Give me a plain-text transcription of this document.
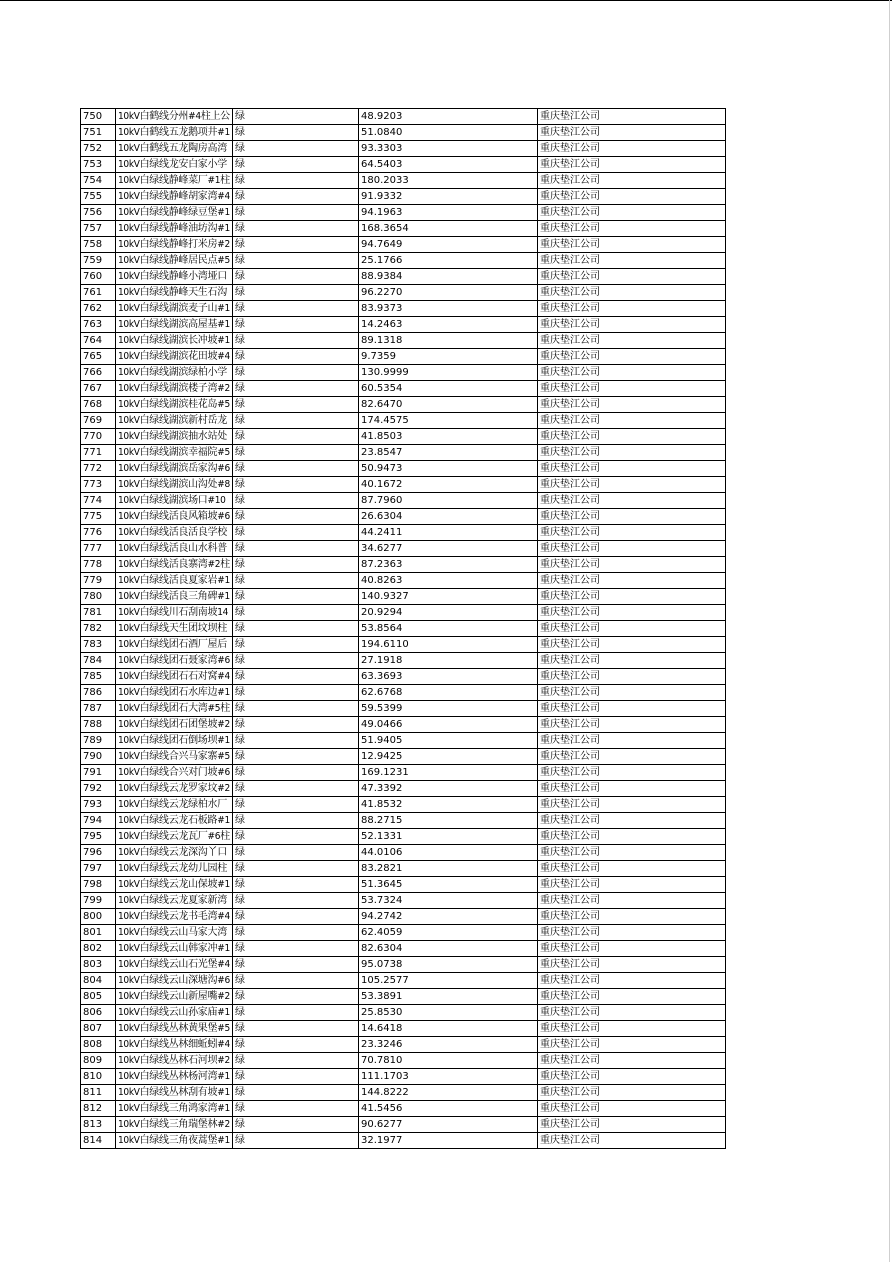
750	10kV白鹤线分州#4柱上公	绿	48.9203	重庆垫江公司
751	10kV白鹤线五龙鹅项井#1	绿	51.0840	重庆垫江公司
752	10kV白鹤线五龙陶房高湾	绿	93.3303	重庆垫江公司
753	10kV白绿线龙安白家小学	绿	64.5403	重庆垫江公司
754	10kV白绿线静峰菜厂#1柱	绿	180.2033	重庆垫江公司
755	10kV白绿线静峰胡家湾#4	绿	91.9332	重庆垫江公司
756	10kV白绿线静峰绿豆堡#1	绿	94.1963	重庆垫江公司
757	10kV白绿线静峰油坊沟#1	绿	168.3654	重庆垫江公司
758	10kV白绿线静峰打米房#2	绿	94.7649	重庆垫江公司
759	10kV白绿线静峰居民点#5	绿	25.1766	重庆垫江公司
760	10kV白绿线静峰小湾垭口	绿	88.9384	重庆垫江公司
761	10kV白绿线静峰天生石沟	绿	96.2270	重庆垫江公司
762	10kV白绿线湖滨麦子山#1	绿	83.9373	重庆垫江公司
763	10kV白绿线湖滨高屋基#1	绿	14.2463	重庆垫江公司
764	10kV白绿线湖滨长冲坡#1	绿	89.1318	重庆垫江公司
765	10kV白绿线湖滨花田坡#4	绿	9.7359	重庆垫江公司
766	10kV白绿线湖滨绿柏小学	绿	130.9999	重庆垫江公司
767	10kV白绿线湖滨楼子湾#2	绿	60.5354	重庆垫江公司
768	10kV白绿线湖滨桂花岛#5	绿	82.6470	重庆垫江公司
769	10kV白绿线湖滨新村岳龙	绿	174.4575	重庆垫江公司
770	10kV白绿线湖滨抽水站处	绿	41.8503	重庆垫江公司
771	10kV白绿线湖滨幸福院#5	绿	23.8547	重庆垫江公司
772	10kV白绿线湖滨岳家沟#6	绿	50.9473	重庆垫江公司
773	10kV白绿线湖滨山沟处#8	绿	40.1672	重庆垫江公司
774	10kV白绿线湖滨场口#10	绿	87.7960	重庆垫江公司
775	10kV白绿线活良风箱坡#6	绿	26.6304	重庆垫江公司
776	10kV白绿线活良活良学校	绿	44.2411	重庆垫江公司
777	10kV白绿线活良山水科普	绿	34.6277	重庆垫江公司
778	10kV白绿线活良寨湾#2柱	绿	87.2363	重庆垫江公司
779	10kV白绿线活良夏家岩#1	绿	40.8263	重庆垫江公司
780	10kV白绿线活良三角碑#1	绿	140.9327	重庆垫江公司
781	10kV白绿线川石刮南坡14	绿	20.9294	重庆垫江公司
782	10kV白绿线天生团坟坝柱	绿	53.8564	重庆垫江公司
783	10kV白绿线团石酒厂屋后	绿	194.6110	重庆垫江公司
784	10kV白绿线团石聂家湾#6	绿	27.1918	重庆垫江公司
785	10kV白绿线团石石对窝#4	绿	63.3693	重庆垫江公司
786	10kV白绿线团石水库边#1	绿	62.6768	重庆垫江公司
787	10kV白绿线团石大湾#5柱	绿	59.5399	重庆垫江公司
788	10kV白绿线团石团堡坡#2	绿	49.0466	重庆垫江公司
789	10kV白绿线团石倒场坝#1	绿	51.9405	重庆垫江公司
790	10kV白绿线合兴马家寨#5	绿	12.9425	重庆垫江公司
791	10kV白绿线合兴对门坡#6	绿	169.1231	重庆垫江公司
792	10kV白绿线云龙罗家坟#2	绿	47.3392	重庆垫江公司
793	10kV白绿线云龙绿柏水厂	绿	41.8532	重庆垫江公司
794	10kV白绿线云龙石板路#1	绿	88.2715	重庆垫江公司
795	10kV白绿线云龙瓦厂#6柱	绿	52.1331	重庆垫江公司
796	10kV白绿线云龙深沟丫口	绿	44.0106	重庆垫江公司
797	10kV白绿线云龙幼儿园柱	绿	83.2821	重庆垫江公司
798	10kV白绿线云龙山保坡#1	绿	51.3645	重庆垫江公司
799	10kV白绿线云龙夏家新湾	绿	53.7324	重庆垫江公司
800	10kV白绿线云龙书毛湾#4	绿	94.2742	重庆垫江公司
801	10kV白绿线云山马家大湾	绿	62.4059	重庆垫江公司
802	10kV白绿线云山韩家冲#1	绿	82.6304	重庆垫江公司
803	10kV白绿线云山石光堡#4	绿	95.0738	重庆垫江公司
804	10kV白绿线云山深塘沟#6	绿	105.2577	重庆垫江公司
805	10kV白绿线云山新屋嘴#2	绿	53.3891	重庆垫江公司
806	10kV白绿线云山孙家庙#1	绿	25.8530	重庆垫江公司
807	10kV白绿线丛林黄果堡#5	绿	14.6418	重庆垫江公司
808	10kV白绿线丛林细蚯蚓#4	绿	23.3246	重庆垫江公司
809	10kV白绿线丛林石河坝#2	绿	70.7810	重庆垫江公司
810	10kV白绿线丛林杨河湾#1	绿	111.1703	重庆垫江公司
811	10kV白绿线丛林刮有坡#1	绿	144.8222	重庆垫江公司
812	10kV白绿线三角鸿家湾#1	绿	41.5456	重庆垫江公司
813	10kV白绿线三角瑞堡林#2	绿	90.6277	重庆垫江公司
814	10kV白绿线三角夜蒿堡#1	绿	32.1977	重庆垫江公司
